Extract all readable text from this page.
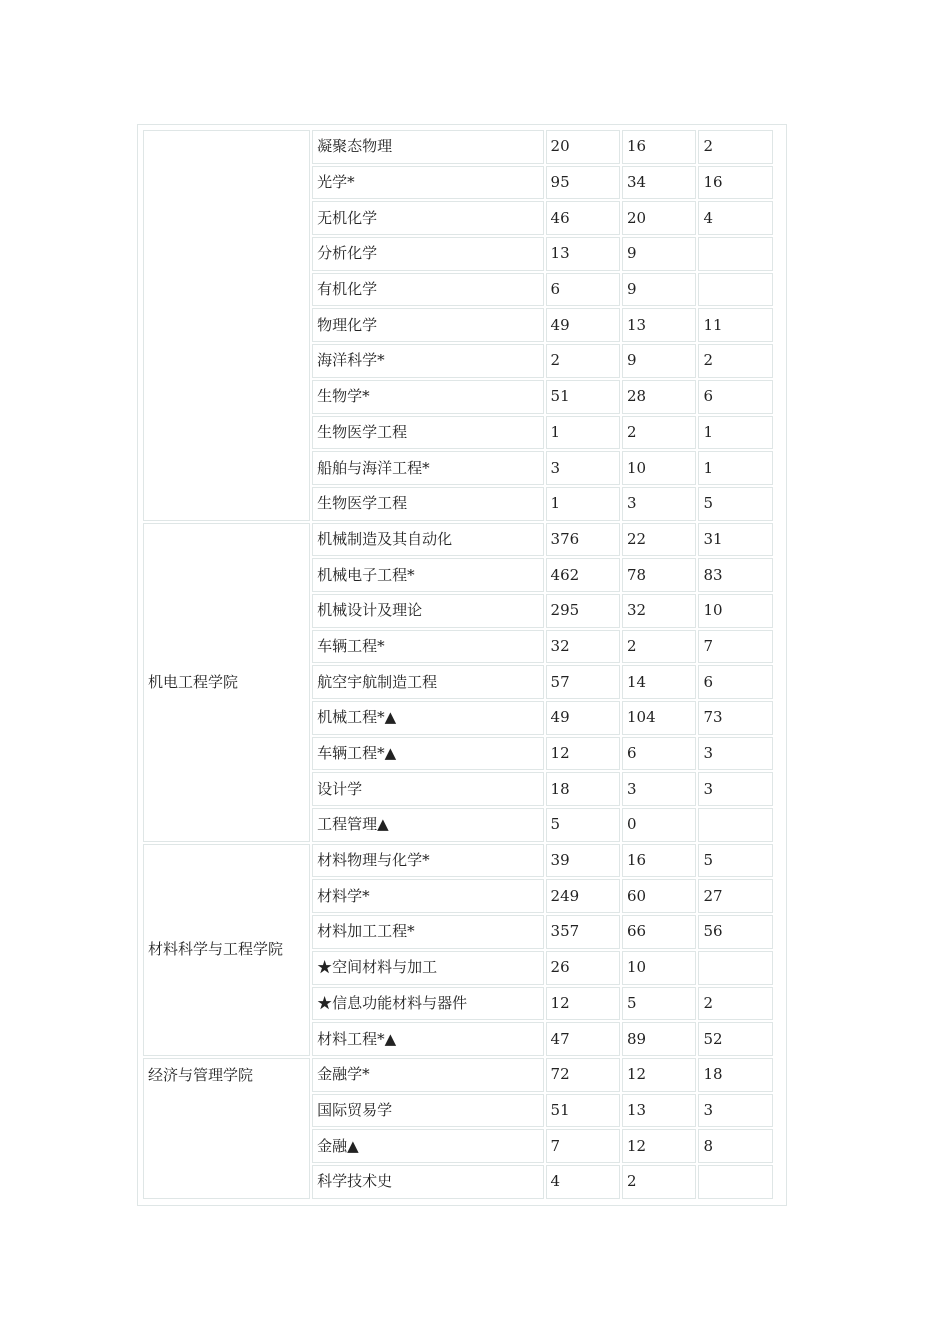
	凝聚态物理	20	16	2
	光学*	95	34	16
	无机化学	46	20	4
	分析化学	13	9	
	有机化学	6	9	
	物理化学	49	13	11
	海洋科学*	2	9	2
	生物学*	51	28	6
	生物医学工程	1	2	1
	船舶与海洋工程*	3	10	1
	生物医学工程	1	3	5
机电工程学院	机械制造及其自动化	376	22	31
	机械电子工程*	462	78	83
	机械设计及理论	295	32	10
	车辆工程*	32	2	7
	航空宇航制造工程	57	14	6
	机械工程*▲	49	104	73
	车辆工程*▲	12	6	3
	设计学	18	3	3
	工程管理▲	5	0	
材料科学与工程学院	材料物理与化学*	39	16	5
	材料学*	249	60	27
	材料加工工程*	357	66	56
	★空间材料与加工	26	10	
	★信息功能材料与器件	12	5	2
	材料工程*▲	47	89	52
经济与管理学院	金融学*	72	12	18
	国际贸易学	51	13	3
	金融▲	7	12	8
	科学技术史	4	2	
